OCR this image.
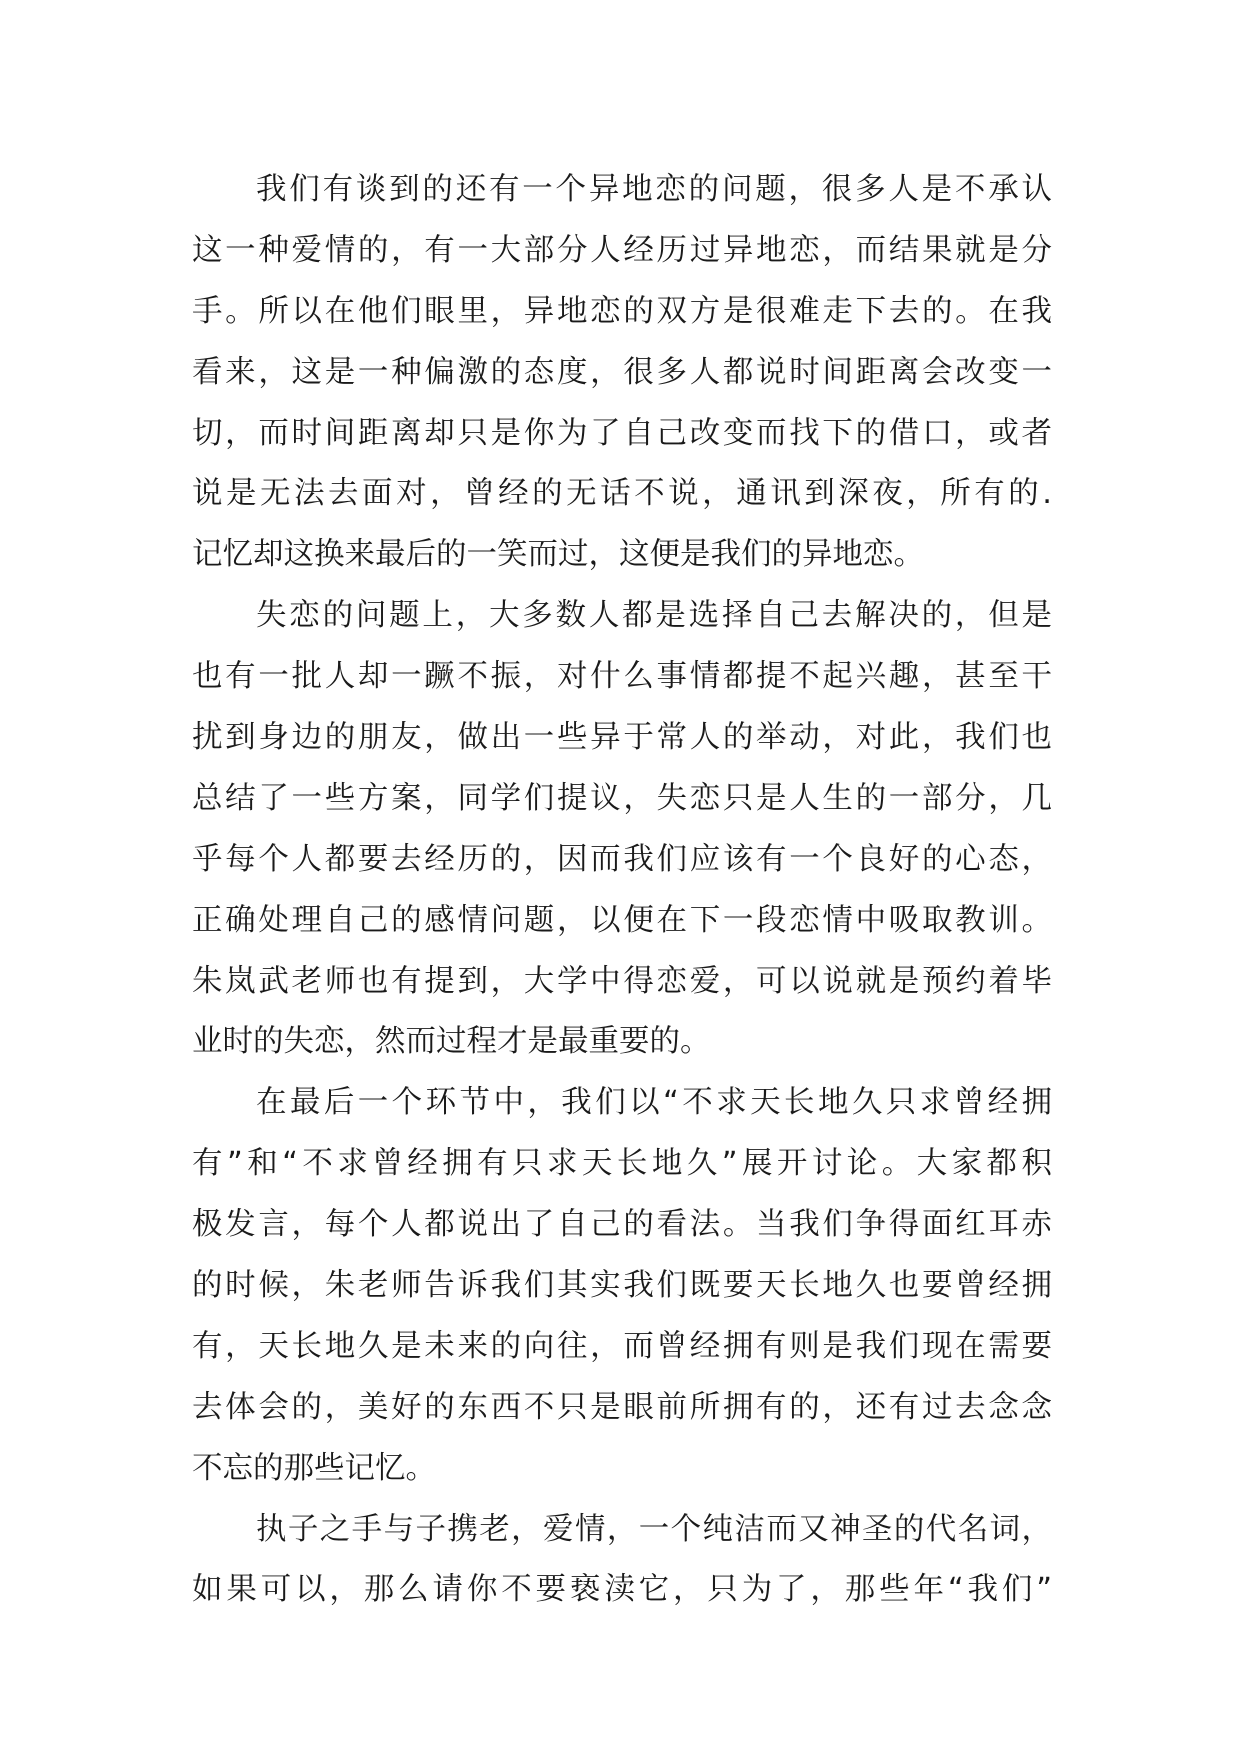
我们有谈到的还有一个异地恋的问题，很多人是不承认
这一种爱情的，有一大部分人经历过异地恋，而结果就是分
手。所以在他们眼里，异地恋的双方是很难走下去的。在我
看来，这是一种偏激的态度，很多人都说时间距离会改变一
切，而时间距离却只是你为了自己改变而找下的借口，或者
说是无法去面对，曾经的无话不说，通讯到深夜，所有的.
记忆却这换来最后的一笑而过，这便是我们的异地恋。
失恋的问题上，大多数人都是选择自己去解决的，但是
也有一批人却一蹶不振，对什么事情都提不起兴趣，甚至干
扰到身边的朋友，做出一些异于常人的举动，对此，我们也
总结了一些方案，同学们提议，失恋只是人生的一部分，几
乎每个人都要去经历的，因而我们应该有一个良好的心态，
正确处理自己的感情问题，以便在下一段恋情中吸取教训。
朱岚武老师也有提到，大学中得恋爱，可以说就是预约着毕
业时的失恋，然而过程才是最重要的。
在最后一个环节中，我们以“不求天长地久只求曾经拥
有”和“不求曾经拥有只求天长地久”展开讨论。大家都积
极发言，每个人都说出了自己的看法。当我们争得面红耳赤
的时候，朱老师告诉我们其实我们既要天长地久也要曾经拥
有，天长地久是未来的向往，而曾经拥有则是我们现在需要
去体会的，美好的东西不只是眼前所拥有的，还有过去念念
不忘的那些记忆。
执子之手与子携老，爱情，一个纯洁而又神圣的代名词，
如果可以，那么请你不要亵渎它，只为了，那些年“我们”
